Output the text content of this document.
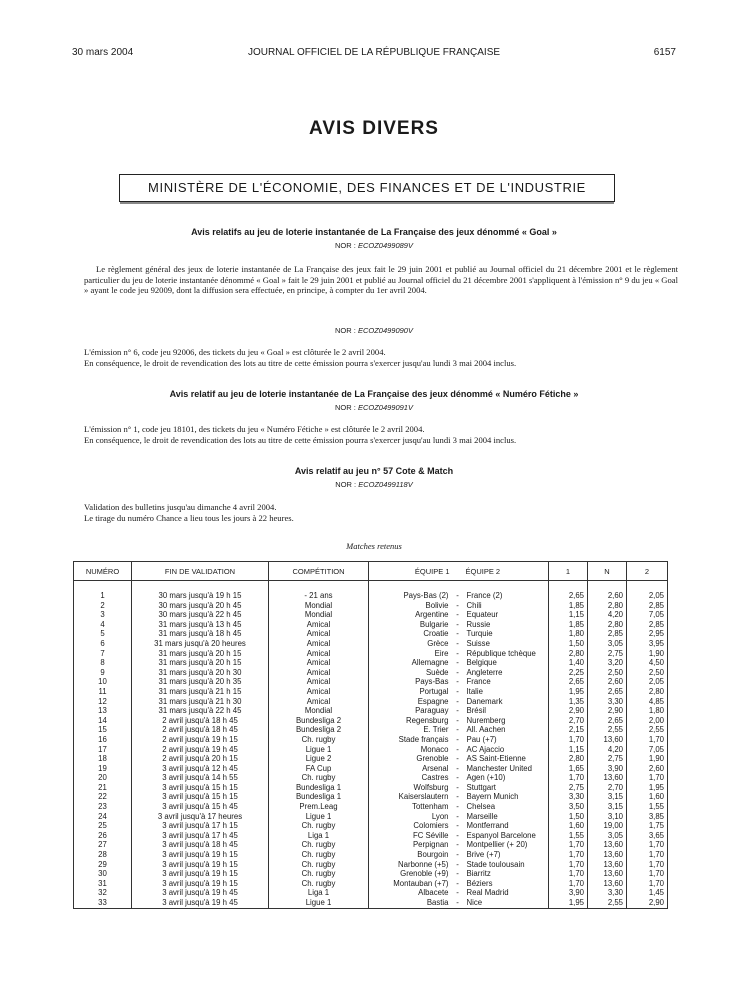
30 mars 2004	JOURNAL OFFICIEL DE LA RÉPUBLIQUE FRANÇAISE	6157
AVIS DIVERS
MINISTÈRE DE L'ÉCONOMIE, DES FINANCES ET DE L'INDUSTRIE
Avis relatifs au jeu de loterie instantanée de La Française des jeux dénommé « Goal »
NOR : ECOZ0499089V

Le règlement général des jeux de loterie instantanée de La Française des jeux fait le 29 juin 2001 et publié au Journal officiel du 21 décembre 2001 et le règlement particulier du jeu de loterie instantanée dénommé « Goal » fait le 29 juin 2001 et publié au Journal officiel du 21 décembre 2001 s'appliquent à l'émission n° 9 du jeu « Goal » ayant le code jeu 92009, dont la diffusion sera effectuée, en principe, à compter du 1er avril 2004.

NOR : ECOZ0499090V

L'émission n° 6, code jeu 92006, des tickets du jeu « Goal » est clôturée le 2 avril 2004.

En conséquence, le droit de revendication des lots au titre de cette émission pourra s'exercer jusqu'au lundi 3 mai 2004 inclus.

Avis relatif au jeu de loterie instantanée de La Française des jeux dénommé « Numéro Fétiche »
NOR : ECOZ0499091V

L'émission n° 1, code jeu 18101, des tickets du jeu « Numéro Fétiche » est clôturée le 2 avril 2004.

En conséquence, le droit de revendication des lots au titre de cette émission pourra s'exercer jusqu'au lundi 3 mai 2004 inclus.

Avis relatif au jeu n° 57 Cote & Match
NOR : ECOZ0499118V

Validation des bulletins jusqu'au dimanche 4 avril 2004.

Le tirage du numéro Chance a lieu tous les jours à 22 heures.

Matches retenus
NUMÉRO	FIN DE VALIDATION	COMPÉTITION	ÉQUIPE 1		ÉQUIPE 2	1	N	2

1	30 mars jusqu'à 19 h 15	- 21 ans	Pays-Bas (2)	-	France (2)	2,65	2,60	2,05
2	30 mars jusqu'à 20 h 45	Mondial	Bolivie	-	Chili	1,85	2,80	2,85
3	30 mars jusqu'à 22 h 45	Mondial	Argentine	-	Equateur	1,15	4,20	7,05
4	31 mars jusqu'à 13 h 45	Amical	Bulgarie	-	Russie	1,85	2,80	2,85
5	31 mars jusqu'à 18 h 45	Amical	Croatie	-	Turquie	1,80	2,85	2,95
6	31 mars jusqu'à 20 heures	Amical	Grèce	-	Suisse	1,50	3,05	3,95
7	31 mars jusqu'à 20 h 15	Amical	Eire	-	République tchèque	2,80	2,75	1,90
8	31 mars jusqu'à 20 h 15	Amical	Allemagne	-	Belgique	1,40	3,20	4,50
9	31 mars jusqu'à 20 h 30	Amical	Suède	-	Angleterre	2,25	2,50	2,50
10	31 mars jusqu'à 20 h 35	Amical	Pays-Bas	-	France	2,65	2,60	2,05
11	31 mars jusqu'à 21 h 15	Amical	Portugal	-	Italie	1,95	2,65	2,80
12	31 mars jusqu'à 21 h 30	Amical	Espagne	-	Danemark	1,35	3,30	4,85
13	31 mars jusqu'à 22 h 45	Mondial	Paraguay	-	Brésil	2,90	2,90	1,80
14	2 avril jusqu'à 18 h 45	Bundesliga 2	Regensburg	-	Nuremberg	2,70	2,65	2,00
15	2 avril jusqu'à 18 h 45	Bundesliga 2	E. Trier	-	All. Aachen	2,15	2,55	2,55
16	2 avril jusqu'à 19 h 15	Ch. rugby	Stade français	-	Pau (+7)	1,70	13,60	1,70
17	2 avril jusqu'à 19 h 45	Ligue 1	Monaco	-	AC Ajaccio	1,15	4,20	7,05
18	2 avril jusqu'à 20 h 15	Ligue 2	Grenoble	-	AS Saint-Etienne	2,80	2,75	1,90
19	3 avril jusqu'à 12 h 45	FA Cup	Arsenal	-	Manchester United	1,65	3,90	2,60
20	3 avril jusqu'à 14 h 55	Ch. rugby	Castres	-	Agen (+10)	1,70	13,60	1,70
21	3 avril jusqu'à 15 h 15	Bundesliga 1	Wolfsburg	-	Stuttgart	2,75	2,70	1,95
22	3 avril jusqu'à 15 h 15	Bundesliga 1	Kaiserslautern	-	Bayern Munich	3,30	3,15	1,60
23	3 avril jusqu'à 15 h 45	Prem.Leag	Tottenham	-	Chelsea	3,50	3,15	1,55
24	3 avril jusqu'à 17 heures	Ligue 1	Lyon	-	Marseille	1,50	3,10	3,85
25	3 avril jusqu'à 17 h 15	Ch. rugby	Colomiers	-	Montferrand	1,60	19,00	1,75
26	3 avril jusqu'à 17 h 45	Liga 1	FC Séville	-	Espanyol Barcelone	1,55	3,05	3,65
27	3 avril jusqu'à 18 h 45	Ch. rugby	Perpignan	-	Montpellier (+ 20)	1,70	13,60	1,70
28	3 avril jusqu'à 19 h 15	Ch. rugby	Bourgoin	-	Brive (+7)	1,70	13,60	1,70
29	3 avril jusqu'à 19 h 15	Ch. rugby	Narbonne (+5)	-	Stade toulousain	1,70	13,60	1,70
30	3 avril jusqu'à 19 h 15	Ch. rugby	Grenoble (+9)	-	Biarritz	1,70	13,60	1,70
31	3 avril jusqu'à 19 h 15	Ch. rugby	Montauban (+7)	-	Béziers	1,70	13,60	1,70
32	3 avril jusqu'à 19 h 45	Liga 1	Albacete	-	Real Madrid	3,90	3,30	1,45
33	3 avril jusqu'à 19 h 45	Ligue 1	Bastia	-	Nice	1,95	2,55	2,90
